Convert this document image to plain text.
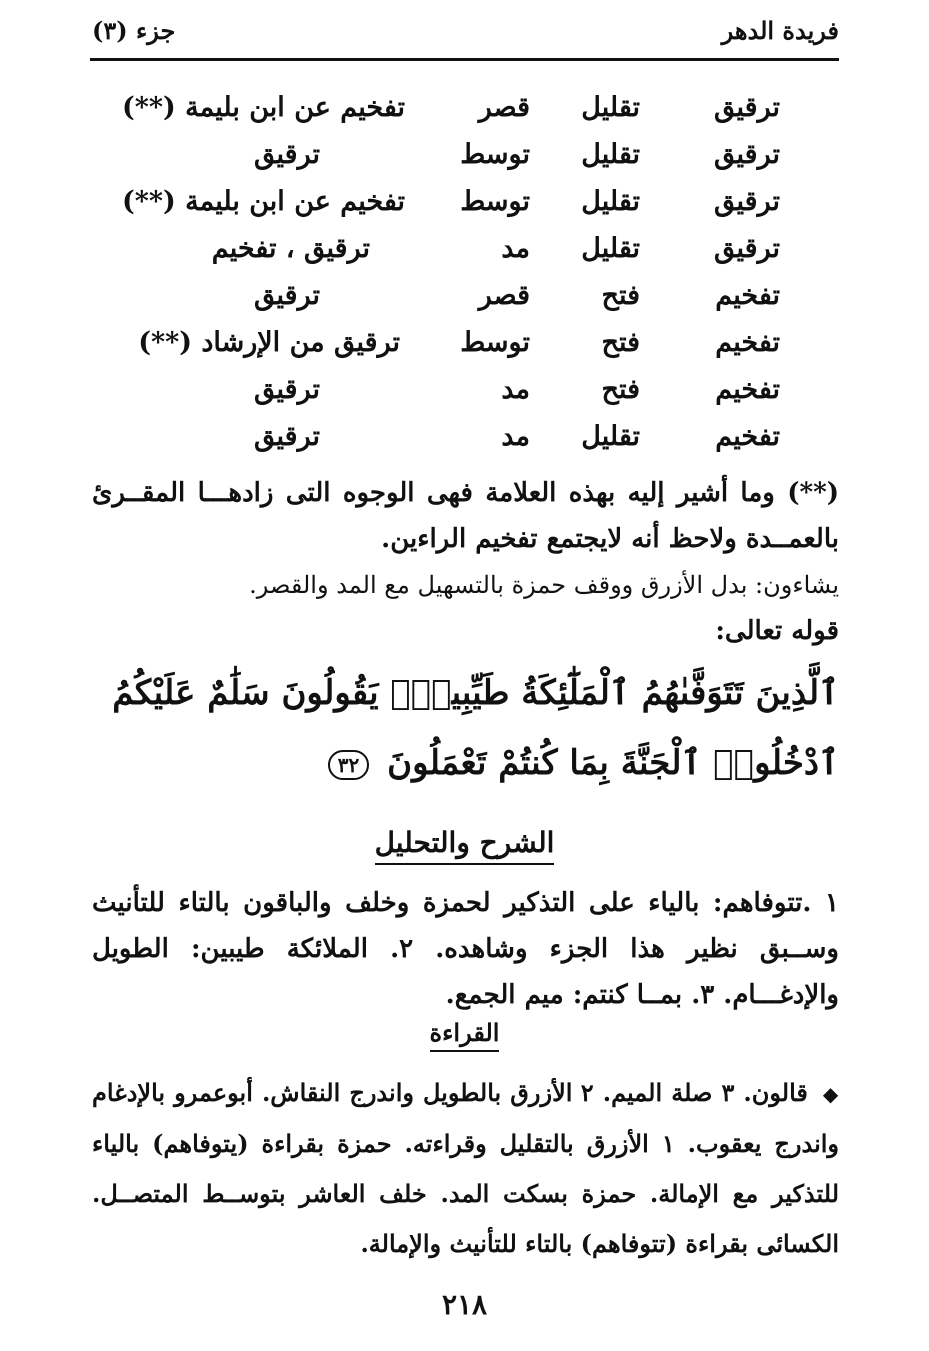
فريدة الدهر
جزء (٣)
ترقيق
تقليل
قصر
تفخيم عن ابن بليمة (**)
ترقيق
تقليل
توسط
ترقيق
ترقيق
تقليل
توسط
تفخيم عن ابن بليمة (**)
ترقيق
تقليل
مد
ترقيق ، تفخيم
تفخيم
فتح
قصر
ترقيق
تفخيم
فتح
توسط
ترقيق من الإرشاد (**)
تفخيم
فتح
مد
ترقيق
تفخيم
تقليل
مد
ترقيق
(**) وما أشير إليه بهذه العلامة فهى الوجوه التى زادهـــا المقــرئ بالعمــدة ولاحظ أنه لايجتمع تفخيم الراءين.
يشاءون: بدل الأزرق ووقف حمزة بالتسهيل مع المد والقصر.
قوله تعالى:
ٱلَّذِينَ تَتَوَفَّىٰهُمُ ٱلْمَلَٰٓئِكَةُ طَيِّبِينَۙ يَقُولُونَ سَلَٰمٌ عَلَيْكُمُ ٱدْخُلُوا۟ ٱلْجَنَّةَ بِمَا كُنتُمْ تَعْمَلُونَ ٣٢
الشرح والتحليل
١ .تتوفاهم: بالياء على التذكير لحمزة وخلف والباقون بالتاء للتأنيث وســبق نظير هذا الجزء وشاهده. ٢. الملائكة طيبين: الطويل والإدغـــام. ٣. بمــا كنتم: ميم الجمع.
القراءة
◆ قالون. ٣ صلة الميم. ٢ الأزرق بالطويل واندرج النقاش. أبوعمرو بالإدغام واندرج يعقوب. ١ الأزرق بالتقليل وقراءته. حمزة بقراءة (يتوفاهم) بالياء للتذكير مع الإمالة. حمزة بسكت المد. خلف العاشر بتوســط المتصــل. الكسائى بقراءة (تتوفاهم) بالتاء للتأنيث والإمالة.
٢١٨
